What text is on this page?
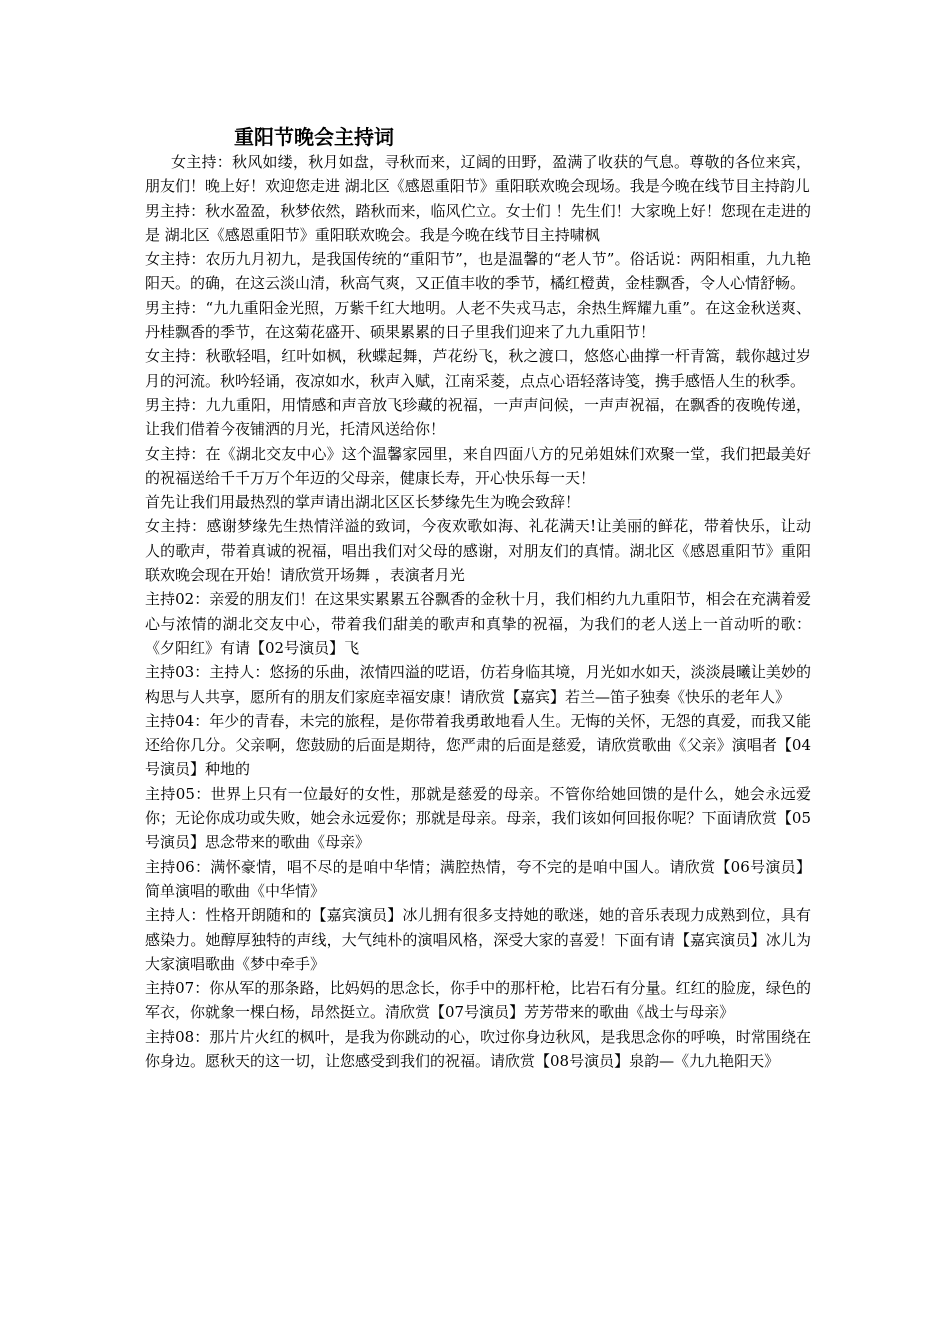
重阳节晚会主持词

女主持：秋风如缕，秋月如盘，寻秋而来，辽阔的田野，盈满了收获的气息。尊敬的各位来宾，朋友们！晚上好！欢迎您走进 湖北区《感恩重阳节》重阳联欢晚会现场。我是今晚在线节目主持韵儿

男主持：秋水盈盈，秋梦依然，踏秋而来，临风伫立。女士们 ！先生们！大家晚上好！您现在走进的是 湖北区《感恩重阳节》重阳联欢晚会。我是今晚在线节目主持啸枫

女主持：农历九月初九，是我国传统的“重阳节”，也是温馨的“老人节”。俗话说：两阳相重，九九艳阳天。的确，在这云淡山清，秋高气爽，又正值丰收的季节，橘红橙黄，金桂飘香，令人心情舒畅。

男主持：“九九重阳金光照，万紫千红大地明。人老不失戎马志，余热生辉耀九重”。在这金秋送爽、丹桂飘香的季节，在这菊花盛开、硕果累累的日子里我们迎来了九九重阳节！

女主持：秋歌轻唱，红叶如枫，秋蝶起舞，芦花纷飞，秋之渡口，悠悠心曲撑一杆青篙，载你越过岁月的河流。秋吟轻诵，夜凉如水，秋声入赋，江南采菱，点点心语轻落诗笺，携手感悟人生的秋季。

男主持：九九重阳，用情感和声音放飞珍藏的祝福，一声声问候，一声声祝福，在飘香的夜晚传递，让我们借着今夜铺洒的月光，托清风送给你！

女主持：在《湖北交友中心》这个温馨家园里，来自四面八方的兄弟姐妹们欢聚一堂，我们把最美好的祝福送给千千万万个年迈的父母亲，健康长寿，开心快乐每一天！

首先让我们用最热烈的掌声请出湖北区区长梦缘先生为晚会致辞！

女主持：感谢梦缘先生热情洋溢的致词，今夜欢歌如海、礼花满天!让美丽的鲜花，带着快乐，让动人的歌声，带着真诚的祝福，唱出我们对父母的感谢，对朋友们的真情。湖北区《感恩重阳节》重阳联欢晚会现在开始！请欣赏开场舞 ，表演者月光

主持02：亲爱的朋友们！在这果实累累五谷飘香的金秋十月，我们相约九九重阳节，相会在充满着爱心与浓情的湖北交友中心，带着我们甜美的歌声和真挚的祝福，为我们的老人送上一首动听的歌：《夕阳红》有请【02号演员】飞

主持03：主持人：悠扬的乐曲，浓情四溢的呓语，仿若身临其境，月光如水如天，淡淡晨曦让美妙的构思与人共享，愿所有的朋友们家庭幸福安康！请欣赏【嘉宾】若兰—笛子独奏《快乐的老年人》

主持04：年少的青春，未完的旅程，是你带着我勇敢地看人生。无悔的关怀，无怨的真爱，而我又能还给你几分。父亲啊，您鼓励的后面是期待，您严肃的后面是慈爱，请欣赏歌曲《父亲》演唱者【04号演员】种地的

主持05：世界上只有一位最好的女性，那就是慈爱的母亲。不管你给她回馈的是什么，她会永远爱你；无论你成功或失败，她会永远爱你；那就是母亲。母亲，我们该如何回报你呢？下面请欣赏【05号演员】思念带来的歌曲《母亲》

主持06：满怀豪情，唱不尽的是咱中华情；满腔热情，夸不完的是咱中国人。请欣赏【06号演员】简单演唱的歌曲《中华情》

主持人：性格开朗随和的【嘉宾演员】冰儿拥有很多支持她的歌迷，她的音乐表现力成熟到位，具有感染力。她醇厚独特的声线，大气纯朴的演唱风格，深受大家的喜爱！下面有请【嘉宾演员】冰儿为大家演唱歌曲《梦中牵手》

主持07：你从军的那条路，比妈妈的思念长，你手中的那杆枪，比岩石有分量。红红的脸庞，绿色的军衣，你就象一棵白杨，昂然挺立。清欣赏【07号演员】芳芳带来的歌曲《战士与母亲》

主持08：那片片火红的枫叶，是我为你跳动的心，吹过你身边秋风，是我思念你的呼唤，时常围绕在你身边。愿秋天的这一切，让您感受到我们的祝福。请欣赏【08号演员】泉韵—《九九艳阳天》
